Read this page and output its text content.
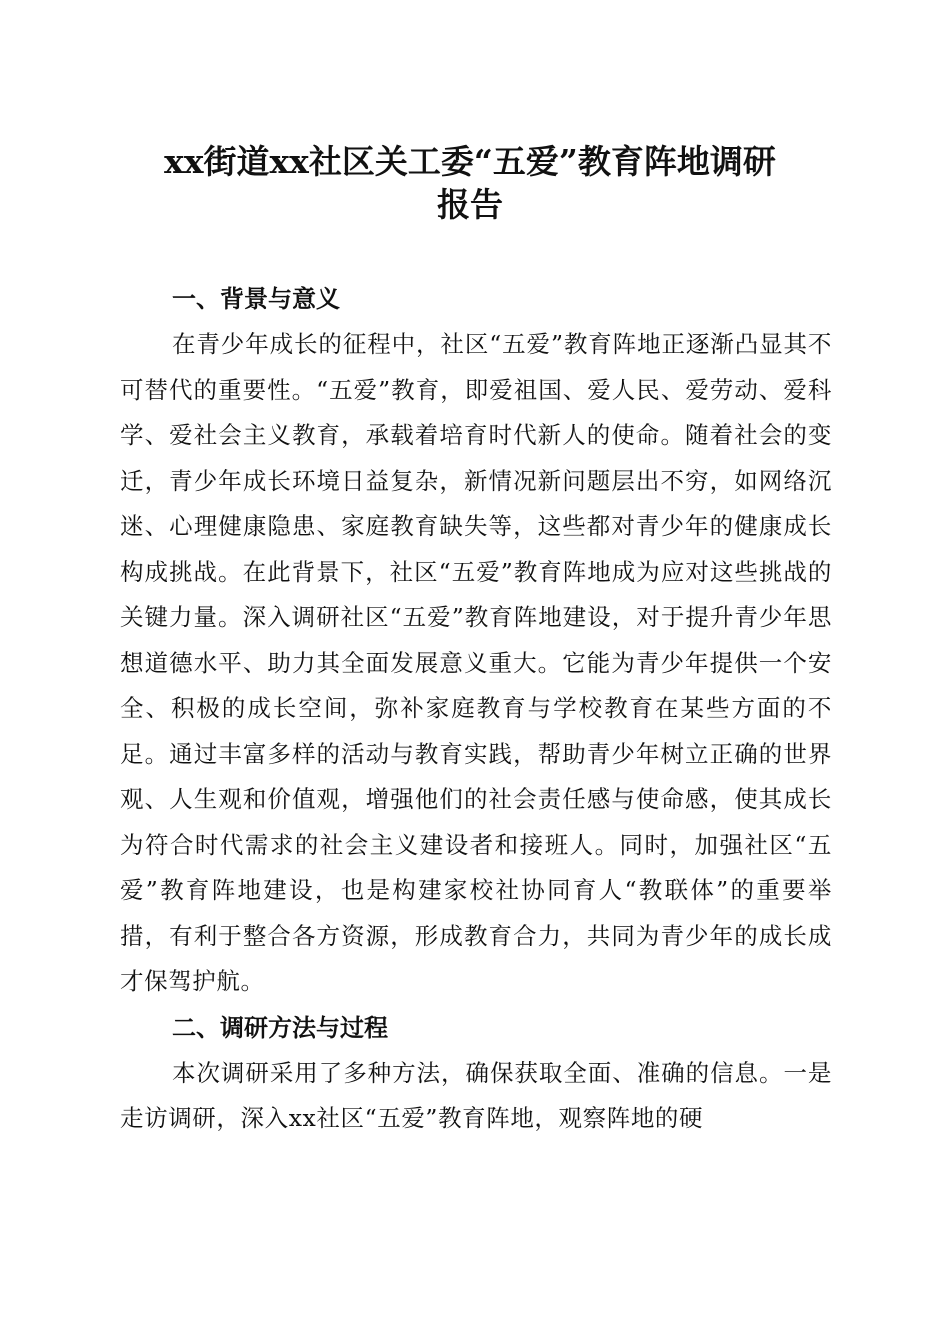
xx街道xx社区关工委“五爱”教育阵地调研
报告
一、背景与意义

在青少年成长的征程中，社区“五爱”教育阵地正逐渐凸显其不可替代的重要性。“五爱”教育，即爱祖国、爱人民、爱劳动、爱科学、爱社会主义教育，承载着培育时代新人的使命。随着社会的变迁，青少年成长环境日益复杂，新情况新问题层出不穷，如网络沉迷、心理健康隐患、家庭教育缺失等，这些都对青少年的健康成长构成挑战。在此背景下，社区“五爱”教育阵地成为应对这些挑战的关键力量。深入调研社区“五爱”教育阵地建设，对于提升青少年思想道德水平、助力其全面发展意义重大。它能为青少年提供一个安全、积极的成长空间，弥补家庭教育与学校教育在某些方面的不足。通过丰富多样的活动与教育实践，帮助青少年树立正确的世界观、人生观和价值观，增强他们的社会责任感与使命感，使其成长为符合时代需求的社会主义建设者和接班人。同时，加强社区“五爱”教育阵地建设，也是构建家校社协同育人“教联体”的重要举措，有利于整合各方资源，形成教育合力，共同为青少年的成长成才保驾护航。

二、调研方法与过程

本次调研采用了多种方法，确保获取全面、准确的信息。一是走访调研，深入xx社区“五爱”教育阵地，观察阵地的硬
